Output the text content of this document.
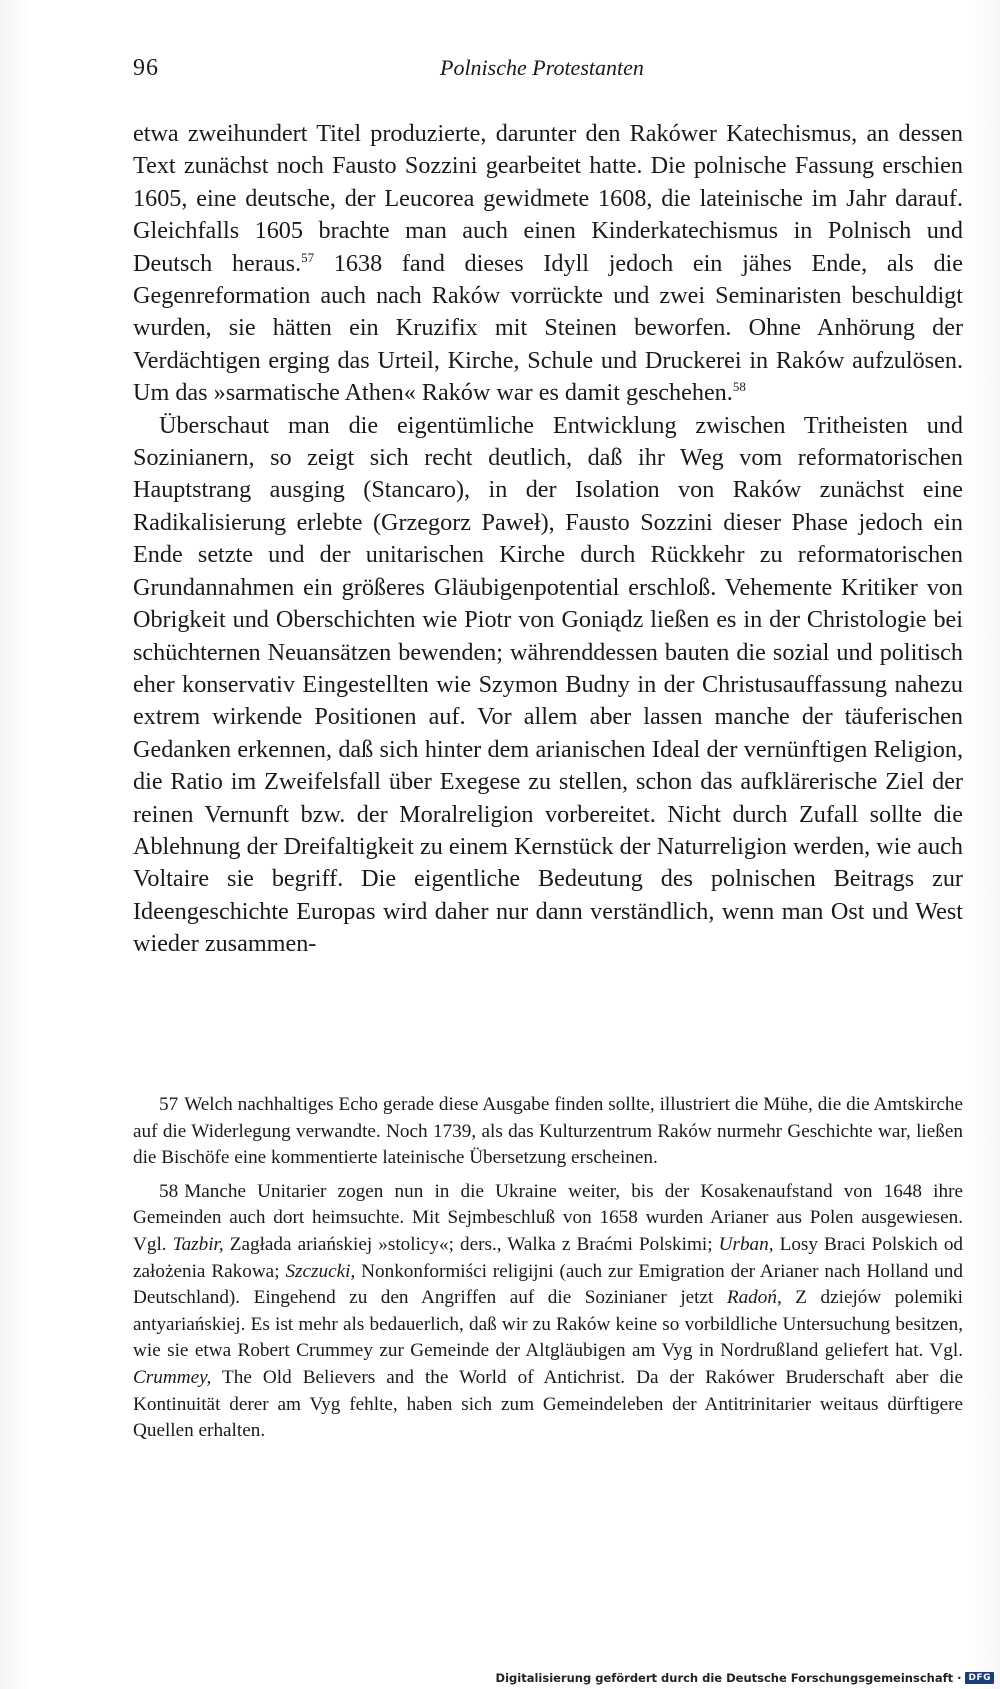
96	Polnische Protestanten

etwa zweihundert Titel produzierte, darunter den Rakówer Katechismus, an dessen Text zunächst noch Fausto Sozzini gearbeitet hatte. Die polnische Fassung erschien 1605, eine deutsche, der Leucorea gewidmete 1608, die lateinische im Jahr darauf. Gleichfalls 1605 brachte man auch einen Kinderkatechismus in Polnisch und Deutsch heraus.$^{57}$ 1638 fand dieses Idyll jedoch ein jähes Ende, als die Gegenreformation auch nach Raków vorrückte und zwei Seminaristen beschuldigt wurden, sie hätten ein Kruzifix mit Steinen beworfen. Ohne Anhörung der Verdächtigen erging das Urteil, Kirche, Schule und Druckerei in Raków aufzulösen. Um das »sarmatische Athen« Raków war es damit geschehen.$^{58}$

Überschaut man die eigentümliche Entwicklung zwischen Tritheisten und Sozinianern, so zeigt sich recht deutlich, daß ihr Weg vom reformatorischen Hauptstrang ausging (Stancaro), in der Isolation von Raków zunächst eine Radikalisierung erlebte (Grzegorz Paweł), Fausto Sozzini dieser Phase jedoch ein Ende setzte und der unitarischen Kirche durch Rückkehr zu reformatorischen Grundannahmen ein größeres Gläubigenpotential erschloß. Vehemente Kritiker von Obrigkeit und Oberschichten wie Piotr von Goniądz ließen es in der Christologie bei schüchternen Neuansätzen bewenden; währenddessen bauten die sozial und politisch eher konservativ Eingestellten wie Szymon Budny in der Christusauffassung nahezu extrem wirkende Positionen auf. Vor allem aber lassen manche der täuferischen Gedanken erkennen, daß sich hinter dem arianischen Ideal der vernünftigen Religion, die Ratio im Zweifelsfall über Exegese zu stellen, schon das aufklärerische Ziel der reinen Vernunft bzw. der Moralreligion vorbereitet. Nicht durch Zufall sollte die Ablehnung der Dreifaltigkeit zu einem Kernstück der Naturreligion werden, wie auch Voltaire sie begriff. Die eigentliche Bedeutung des polnischen Beitrags zur Ideengeschichte Europas wird daher nur dann verständlich, wenn man Ost und West wieder zusammen-

57 Welch nachhaltiges Echo gerade diese Ausgabe finden sollte, illustriert die Mühe, die die Amtskirche auf die Widerlegung verwandte. Noch 1739, als das Kulturzentrum Raków nurmehr Geschichte war, ließen die Bischöfe eine kommentierte lateinische Übersetzung erscheinen.

58 Manche Unitarier zogen nun in die Ukraine weiter, bis der Kosakenaufstand von 1648 ihre Gemeinden auch dort heimsuchte. Mit Sejmbeschluß von 1658 wurden Arianer aus Polen ausgewiesen. Vgl. Tazbir, Zagłada ariańskiej »stolicy«; ders., Walka z Braćmi Polskimi; Urban, Losy Braci Polskich od założenia Rakowa; Szczucki, Nonkonformiści religijni (auch zur Emigration der Arianer nach Holland und Deutschland). Eingehend zu den Angriffen auf die Sozinianer jetzt Radoń, Z dziejów polemiki antyariańskiej. Es ist mehr als bedauerlich, daß wir zu Raków keine so vorbildliche Untersuchung besitzen, wie sie etwa Robert Crummey zur Gemeinde der Altgläubigen am Vyg in Nordrußland geliefert hat. Vgl. Crummey, The Old Believers and the World of Antichrist. Da der Rakówer Bruderschaft aber die Kontinuität derer am Vyg fehlte, haben sich zum Gemeindeleben der Antitrinitarier weitaus dürftigere Quellen erhalten.

Digitalisierung gefördert durch die Deutsche Forschungsgemeinschaft · DFG
